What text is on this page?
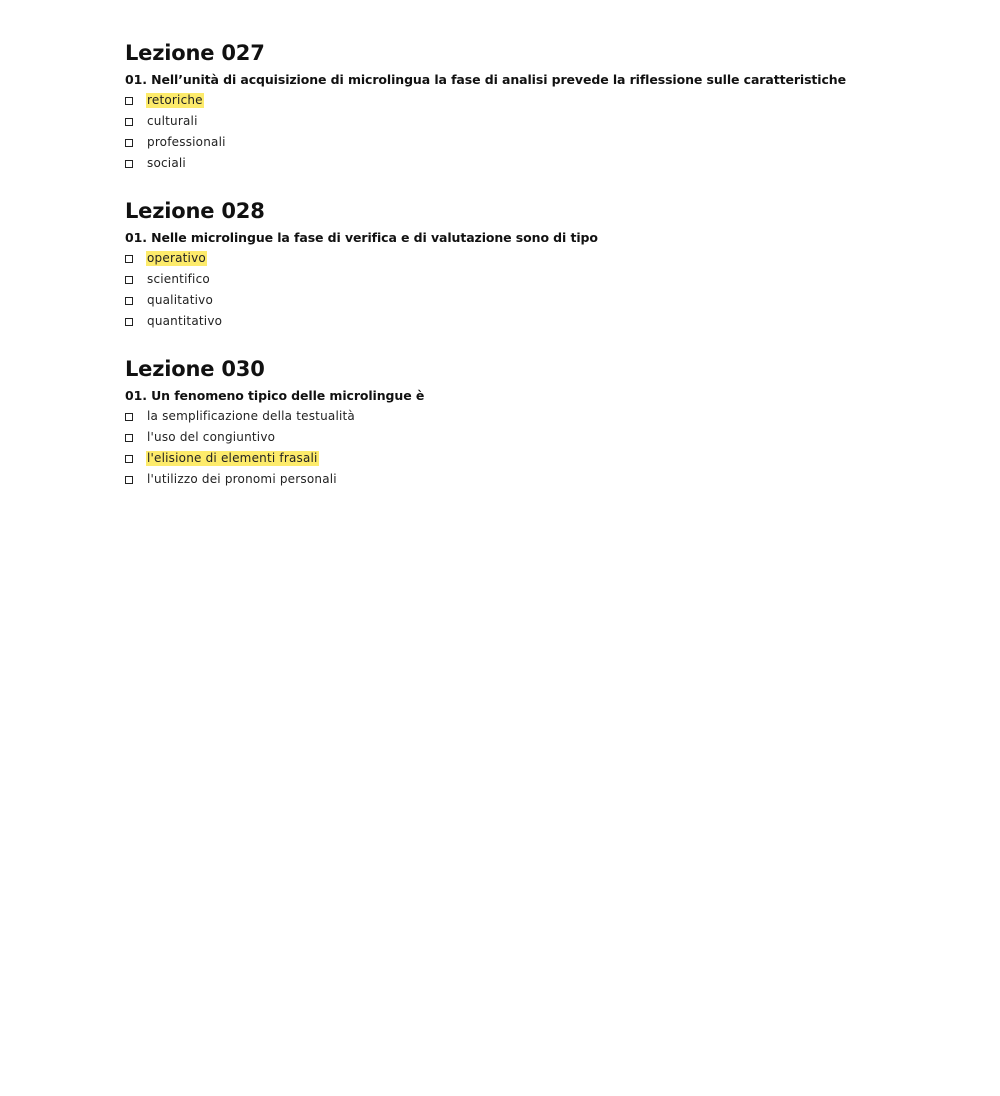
Lezione 027
01. Nell’unità di acquisizione di microlingua la fase di analisi prevede la riflessione sulle caratteristiche
retoriche
culturali
professionali
sociali
Lezione 028
01. Nelle microlingue la fase di verifica e di valutazione sono di tipo
operativo
scientifico
qualitativo
quantitativo
Lezione 030
01. Un fenomeno tipico delle microlingue è
la semplificazione della testualità
l'uso del congiuntivo
l'elisione di elementi frasali
l'utilizzo dei pronomi personali
